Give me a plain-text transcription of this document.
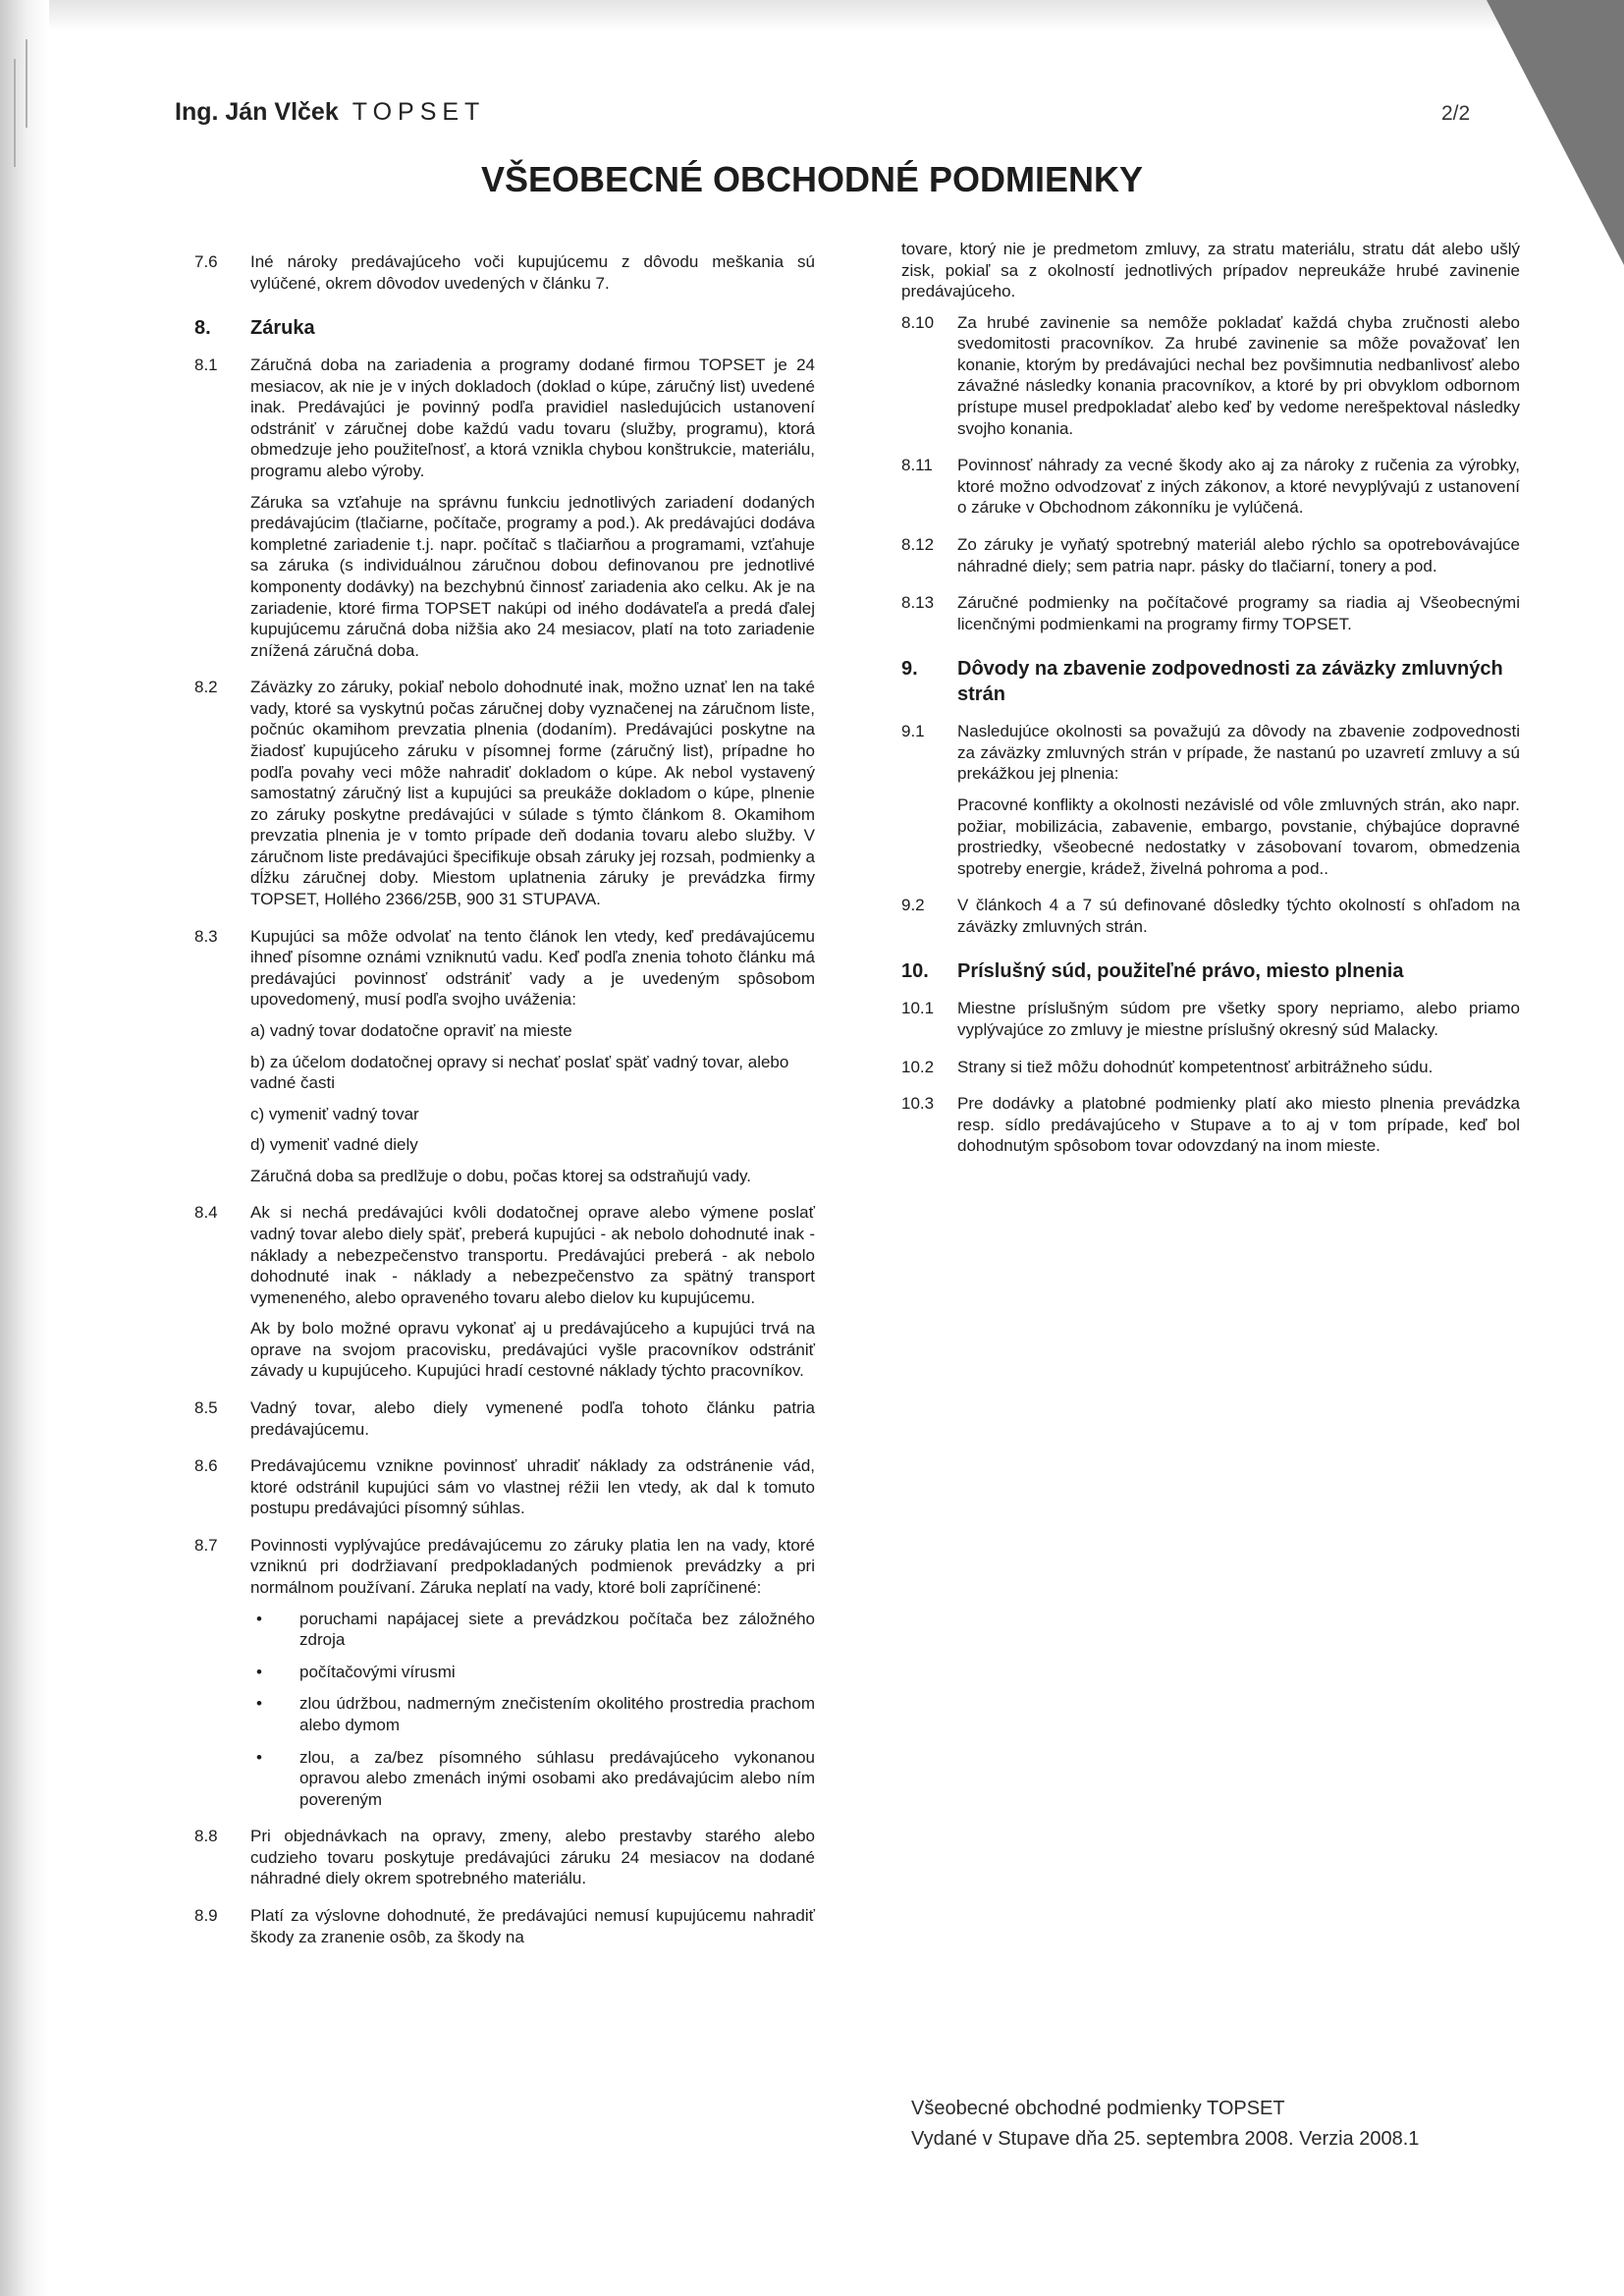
Ing. Ján Vlček TOPSET	2/2
VŠEOBECNÉ OBCHODNÉ PODMIENKY
7.6 Iné nároky predávajúceho voči kupujúcemu z dôvodu meškania sú vylúčené, okrem dôvodov uvedených v článku 7.

8. Záruka
8.1 Záručná doba na zariadenia a programy dodané firmou TOPSET je 24 mesiacov, ak nie je v iných dokladoch (doklad o kúpe, záručný list) uvedené inak. Predávajúci je povinný podľa pravidiel nasledujúcich ustanovení odstrániť v záručnej dobe každú vadu tovaru (služby, programu), ktorá obmedzuje jeho použiteľnosť, a ktorá vznikla chybou konštrukcie, materiálu, programu alebo výroby.

Záruka sa vzťahuje na správnu funkciu jednotlivých zariadení dodaných predávajúcim (tlačiarne, počítače, programy a pod.). Ak predávajúci dodáva kompletné zariadenie t.j. napr. počítač s tlačiarňou a programami, vzťahuje sa záruka (s individuálnou záručnou dobou definovanou pre jednotlivé komponenty dodávky) na bezchybnú činnosť zariadenia ako celku. Ak je na zariadenie, ktoré firma TOPSET nakúpi od iného dodávateľa a predá ďalej kupujúcemu záručná doba nižšia ako 24 mesiacov, platí na toto zariadenie znížená záručná doba.

8.2 Záväzky zo záruky, pokiaľ nebolo dohodnuté inak, možno uznať len na také vady, ktoré sa vyskytnú počas záručnej doby vyznačenej na záručnom liste, počnúc okamihom prevzatia plnenia (dodaním). Predávajúci poskytne na žiadosť kupujúceho záruku v písomnej forme (záručný list), prípadne ho podľa povahy veci môže nahradiť dokladom o kúpe. Ak nebol vystavený samostatný záručný list a kupujúci sa preukáže dokladom o kúpe, plnenie zo záruky poskytne predávajúci v súlade s týmto článkom 8. Okamihom prevzatia plnenia je v tomto prípade deň dodania tovaru alebo služby. V záručnom liste predávajúci špecifikuje obsah záruky jej rozsah, podmienky a dĺžku záručnej doby. Miestom uplatnenia záruky je prevádzka firmy TOPSET, Hollého 2366/25B, 900 31 STUPAVA.

8.3 Kupujúci sa môže odvolať na tento článok len vtedy, keď predávajúcemu ihneď písomne oznámi vzniknutú vadu. Keď podľa znenia tohoto článku má predávajúci povinnosť odstrániť vady a je uvedeným spôsobom upovedomený, musí podľa svojho uváženia:

a) vadný tovar dodatočne opraviť na mieste

b) za účelom dodatočnej opravy si nechať poslať späť vadný tovar, alebo vadné časti

c) vymeniť vadný tovar

d) vymeniť vadné diely

Záručná doba sa predlžuje o dobu, počas ktorej sa odstraňujú vady.

8.4 Ak si nechá predávajúci kvôli dodatočnej oprave alebo výmene poslať vadný tovar alebo diely späť, preberá kupujúci - ak nebolo dohodnuté inak - náklady a nebezpečenstvo transportu. Predávajúci preberá - ak nebolo dohodnuté inak - náklady a nebezpečenstvo za spätný transport vymeneného, alebo opraveného tovaru alebo dielov ku kupujúcemu.

Ak by bolo možné opravu vykonať aj u predávajúceho a kupujúci trvá na oprave na svojom pracovisku, predávajúci vyšle pracovníkov odstrániť závady u kupujúceho. Kupujúci hradí cestovné náklady týchto pracovníkov.

8.5 Vadný tovar, alebo diely vymenené podľa tohoto článku patria predávajúcemu.

8.6 Predávajúcemu vznikne povinnosť uhradiť náklady za odstránenie vád, ktoré odstránil kupujúci sám vo vlastnej réžii len vtedy, ak dal k tomuto postupu predávajúci písomný súhlas.

8.7 Povinnosti vyplývajúce predávajúcemu zo záruky platia len na vady, ktoré vzniknú pri dodržiavaní predpokladaných podmienok prevádzky a pri normálnom používaní. Záruka neplatí na vady, ktoré boli zapríčinené:

• poruchami napájacej siete a prevádzkou počítača bez záložného zdroja

• počítačovými vírusmi

• zlou údržbou, nadmerným znečistením okolitého prostredia prachom alebo dymom

• zlou, a za/bez písomného súhlasu predávajúceho vykonanou opravou alebo zmenách inými osobami ako predávajúcim alebo ním povereným

8.8 Pri objednávkach na opravy, zmeny, alebo prestavby starého alebo cudzieho tovaru poskytuje predávajúci záruku 24 mesiacov na dodané náhradné diely okrem spotrebného materiálu.

8.9 Platí za výslovne dohodnuté, že predávajúci nemusí kupujúcemu nahradiť škody za zranenie osôb, za škody na

tovare, ktorý nie je predmetom zmluvy, za stratu materiálu, stratu dát alebo ušlý zisk, pokiaľ sa z okolností jednotlivých prípadov nepreukáže hrubé zavinenie predávajúceho.

8.10 Za hrubé zavinenie sa nemôže pokladať každá chyba zručnosti alebo svedomitosti pracovníkov. Za hrubé zavinenie sa môže považovať len konanie, ktorým by predávajúci nechal bez povšimnutia nedbanlivosť alebo závažné následky konania pracovníkov, a ktoré by pri obvyklom odbornom prístupe musel predpokladať alebo keď by vedome nerešpektoval následky svojho konania.

8.11 Povinnosť náhrady za vecné škody ako aj za nároky z ručenia za výrobky, ktoré možno odvodzovať z iných zákonov, a ktoré nevyplývajú z ustanovení o záruke v Obchodnom zákonníku je vylúčená.

8.12 Zo záruky je vyňatý spotrebný materiál alebo rýchlo sa opotrebovávajúce náhradné diely; sem patria napr. pásky do tlačiarní, tonery a pod.

8.13 Záručné podmienky na počítačové programy sa riadia aj Všeobecnými licenčnými podmienkami na programy firmy TOPSET.

9. Dôvody na zbavenie zodpovednosti za záväzky zmluvných strán
9.1 Nasledujúce okolnosti sa považujú za dôvody na zbavenie zodpovednosti za záväzky zmluvných strán v prípade, že nastanú po uzavretí zmluvy a sú prekážkou jej plnenia:

Pracovné konflikty a okolnosti nezávislé od vôle zmluvných strán, ako napr. požiar, mobilizácia, zabavenie, embargo, povstanie, chýbajúce dopravné prostriedky, všeobecné nedostatky v zásobovaní tovarom, obmedzenia spotreby energie, krádež, živelná pohroma a pod..

9.2 V článkoch 4 a 7 sú definované dôsledky týchto okolností s ohľadom na záväzky zmluvných strán.

10. Príslušný súd, použiteľné právo, miesto plnenia
10.1 Miestne príslušným súdom pre všetky spory nepriamo, alebo priamo vyplývajúce zo zmluvy je miestne príslušný okresný súd Malacky.

10.2 Strany si tiež môžu dohodnúť kompetentnosť arbitrážneho súdu.

10.3 Pre dodávky a platobné podmienky platí ako miesto plnenia prevádzka resp. sídlo predávajúceho v Stupave a to aj v tom prípade, keď bol dohodnutým spôsobom tovar odovzdaný na inom mieste.

Všeobecné obchodné podmienky TOPSET
Vydané v Stupave dňa 25. septembra 2008. Verzia 2008.1
